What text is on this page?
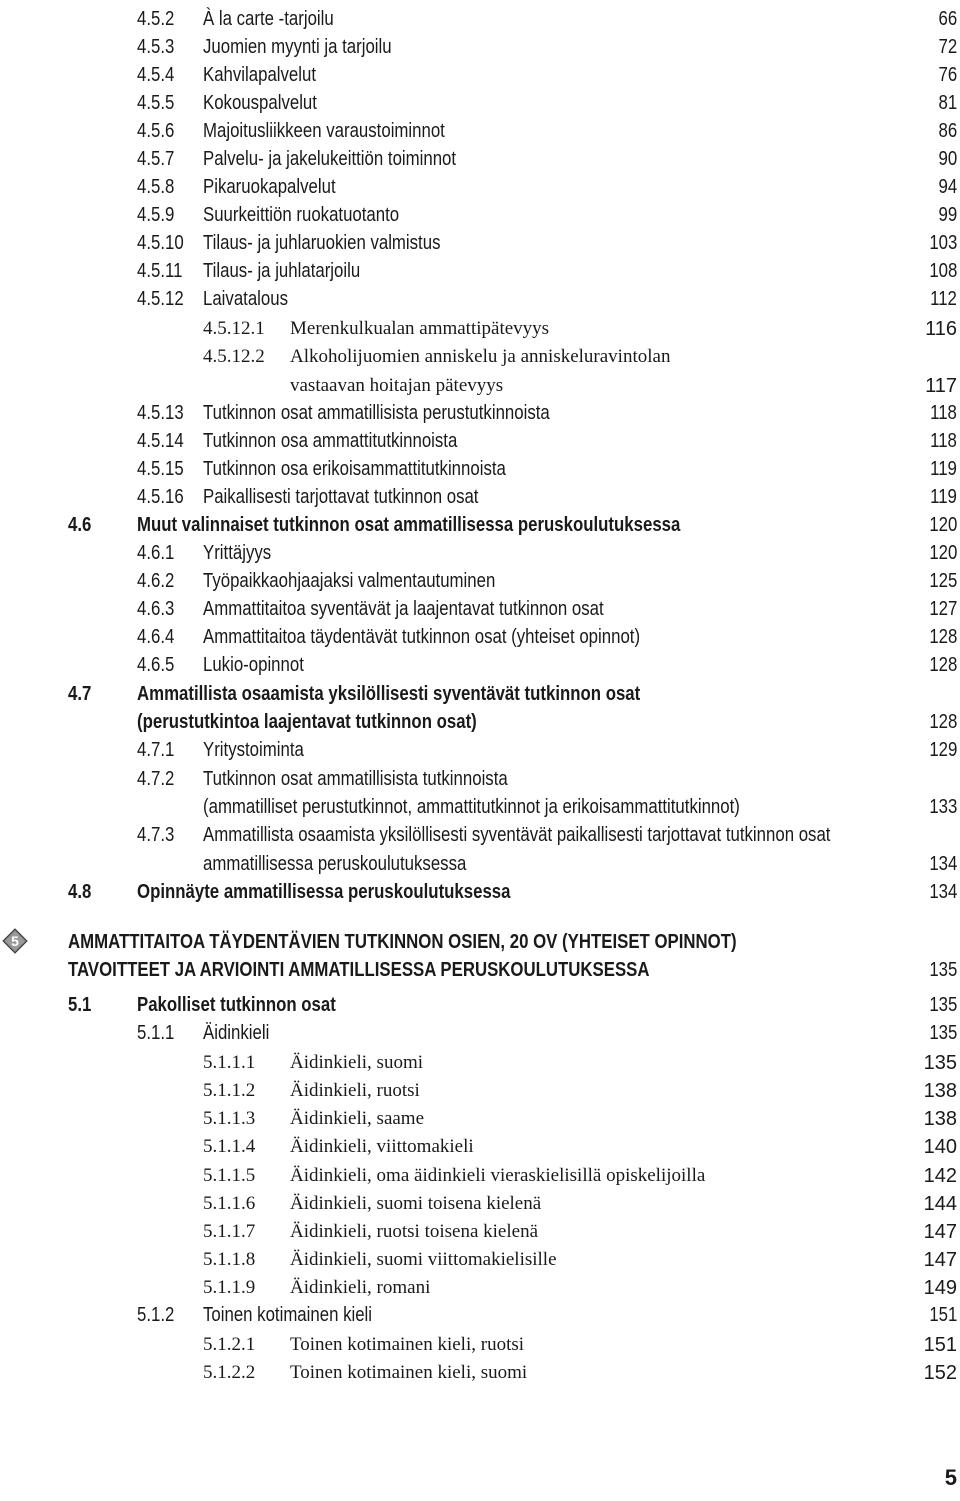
4.5.2 À la carte -tarjoilu	66
4.5.3 Juomien myynti ja tarjoilu	72
4.5.4 Kahvilapalvelut	76
4.5.5 Kokouspalvelut	81
4.5.6 Majoitusliikkeen varaustoiminnot	86
4.5.7 Palvelu- ja jakelukeittiön toiminnot	90
4.5.8 Pikaruokapalvelut	94
4.5.9 Suurkeittiön ruokatuotanto	99
4.5.10 Tilaus- ja juhlaruokien valmistus	103
4.5.11 Tilaus- ja juhlatarjoilu	108
4.5.12 Laivatalous	112
4.5.12.1 Merenkulkualan ammattipätevyys	116
4.5.12.2 Alkoholijuomien anniskelu ja anniskeluravintolan
vastaavan hoitajan pätevyys	117
4.5.13 Tutkinnon osat ammatillisista perustutkinnoista	118
4.5.14 Tutkinnon osa ammattitutkinnoista	118
4.5.15 Tutkinnon osa erikoisammattitutkinnoista	119
4.5.16 Paikallisesti tarjottavat tutkinnon osat	119
4.6 Muut valinnaiset tutkinnon osat ammatillisessa peruskoulutuksessa	120
4.6.1 Yrittäjyys	120
4.6.2 Työpaikkaohjaajaksi valmentautuminen	125
4.6.3 Ammattitaitoa syventävät ja laajentavat tutkinnon osat	127
4.6.4 Ammattitaitoa täydentävät tutkinnon osat (yhteiset opinnot)	128
4.6.5 Lukio-opinnot	128
4.7 Ammatillista osaamista yksilöllisesti syventävät tutkinnon osat
(perustutkintoa laajentavat tutkinnon osat)	128
4.7.1 Yritystoiminta	129
4.7.2 Tutkinnon osat ammatillisista tutkinnoista
(ammatilliset perustutkinnot, ammattitutkinnot ja erikoisammattitutkinnot)	133
4.7.3 Ammatillista osaamista yksilöllisesti syventävät paikallisesti tarjottavat tutkinnon osat
ammatillisessa peruskoulutuksessa	134
4.8 Opinnäyte ammatillisessa peruskoulutuksessa	134
AMMATTITAITOA TÄYDENTÄVIEN TUTKINNON OSIEN, 20 OV (YHTEISET OPINNOT)
TAVOITTEET JA ARVIOINTI AMMATILLISESSA PERUSKOULUTUKSESSA	135
5.1 Pakolliset tutkinnon osat	135
5.1.1 Äidinkieli	135
5.1.1.1 Äidinkieli, suomi	135
5.1.1.2 Äidinkieli, ruotsi	138
5.1.1.3 Äidinkieli, saame	138
5.1.1.4 Äidinkieli, viittomakieli	140
5.1.1.5 Äidinkieli, oma äidinkieli vieraskielisillä opiskelijoilla	142
5.1.1.6 Äidinkieli, suomi toisena kielenä	144
5.1.1.7 Äidinkieli, ruotsi toisena kielenä	147
5.1.1.8 Äidinkieli, suomi viittomakielisille	147
5.1.1.9 Äidinkieli, romani	149
5.1.2 Toinen kotimainen kieli	151
5.1.2.1 Toinen kotimainen kieli, ruotsi	151
5.1.2.2 Toinen kotimainen kieli, suomi	152
5
5
